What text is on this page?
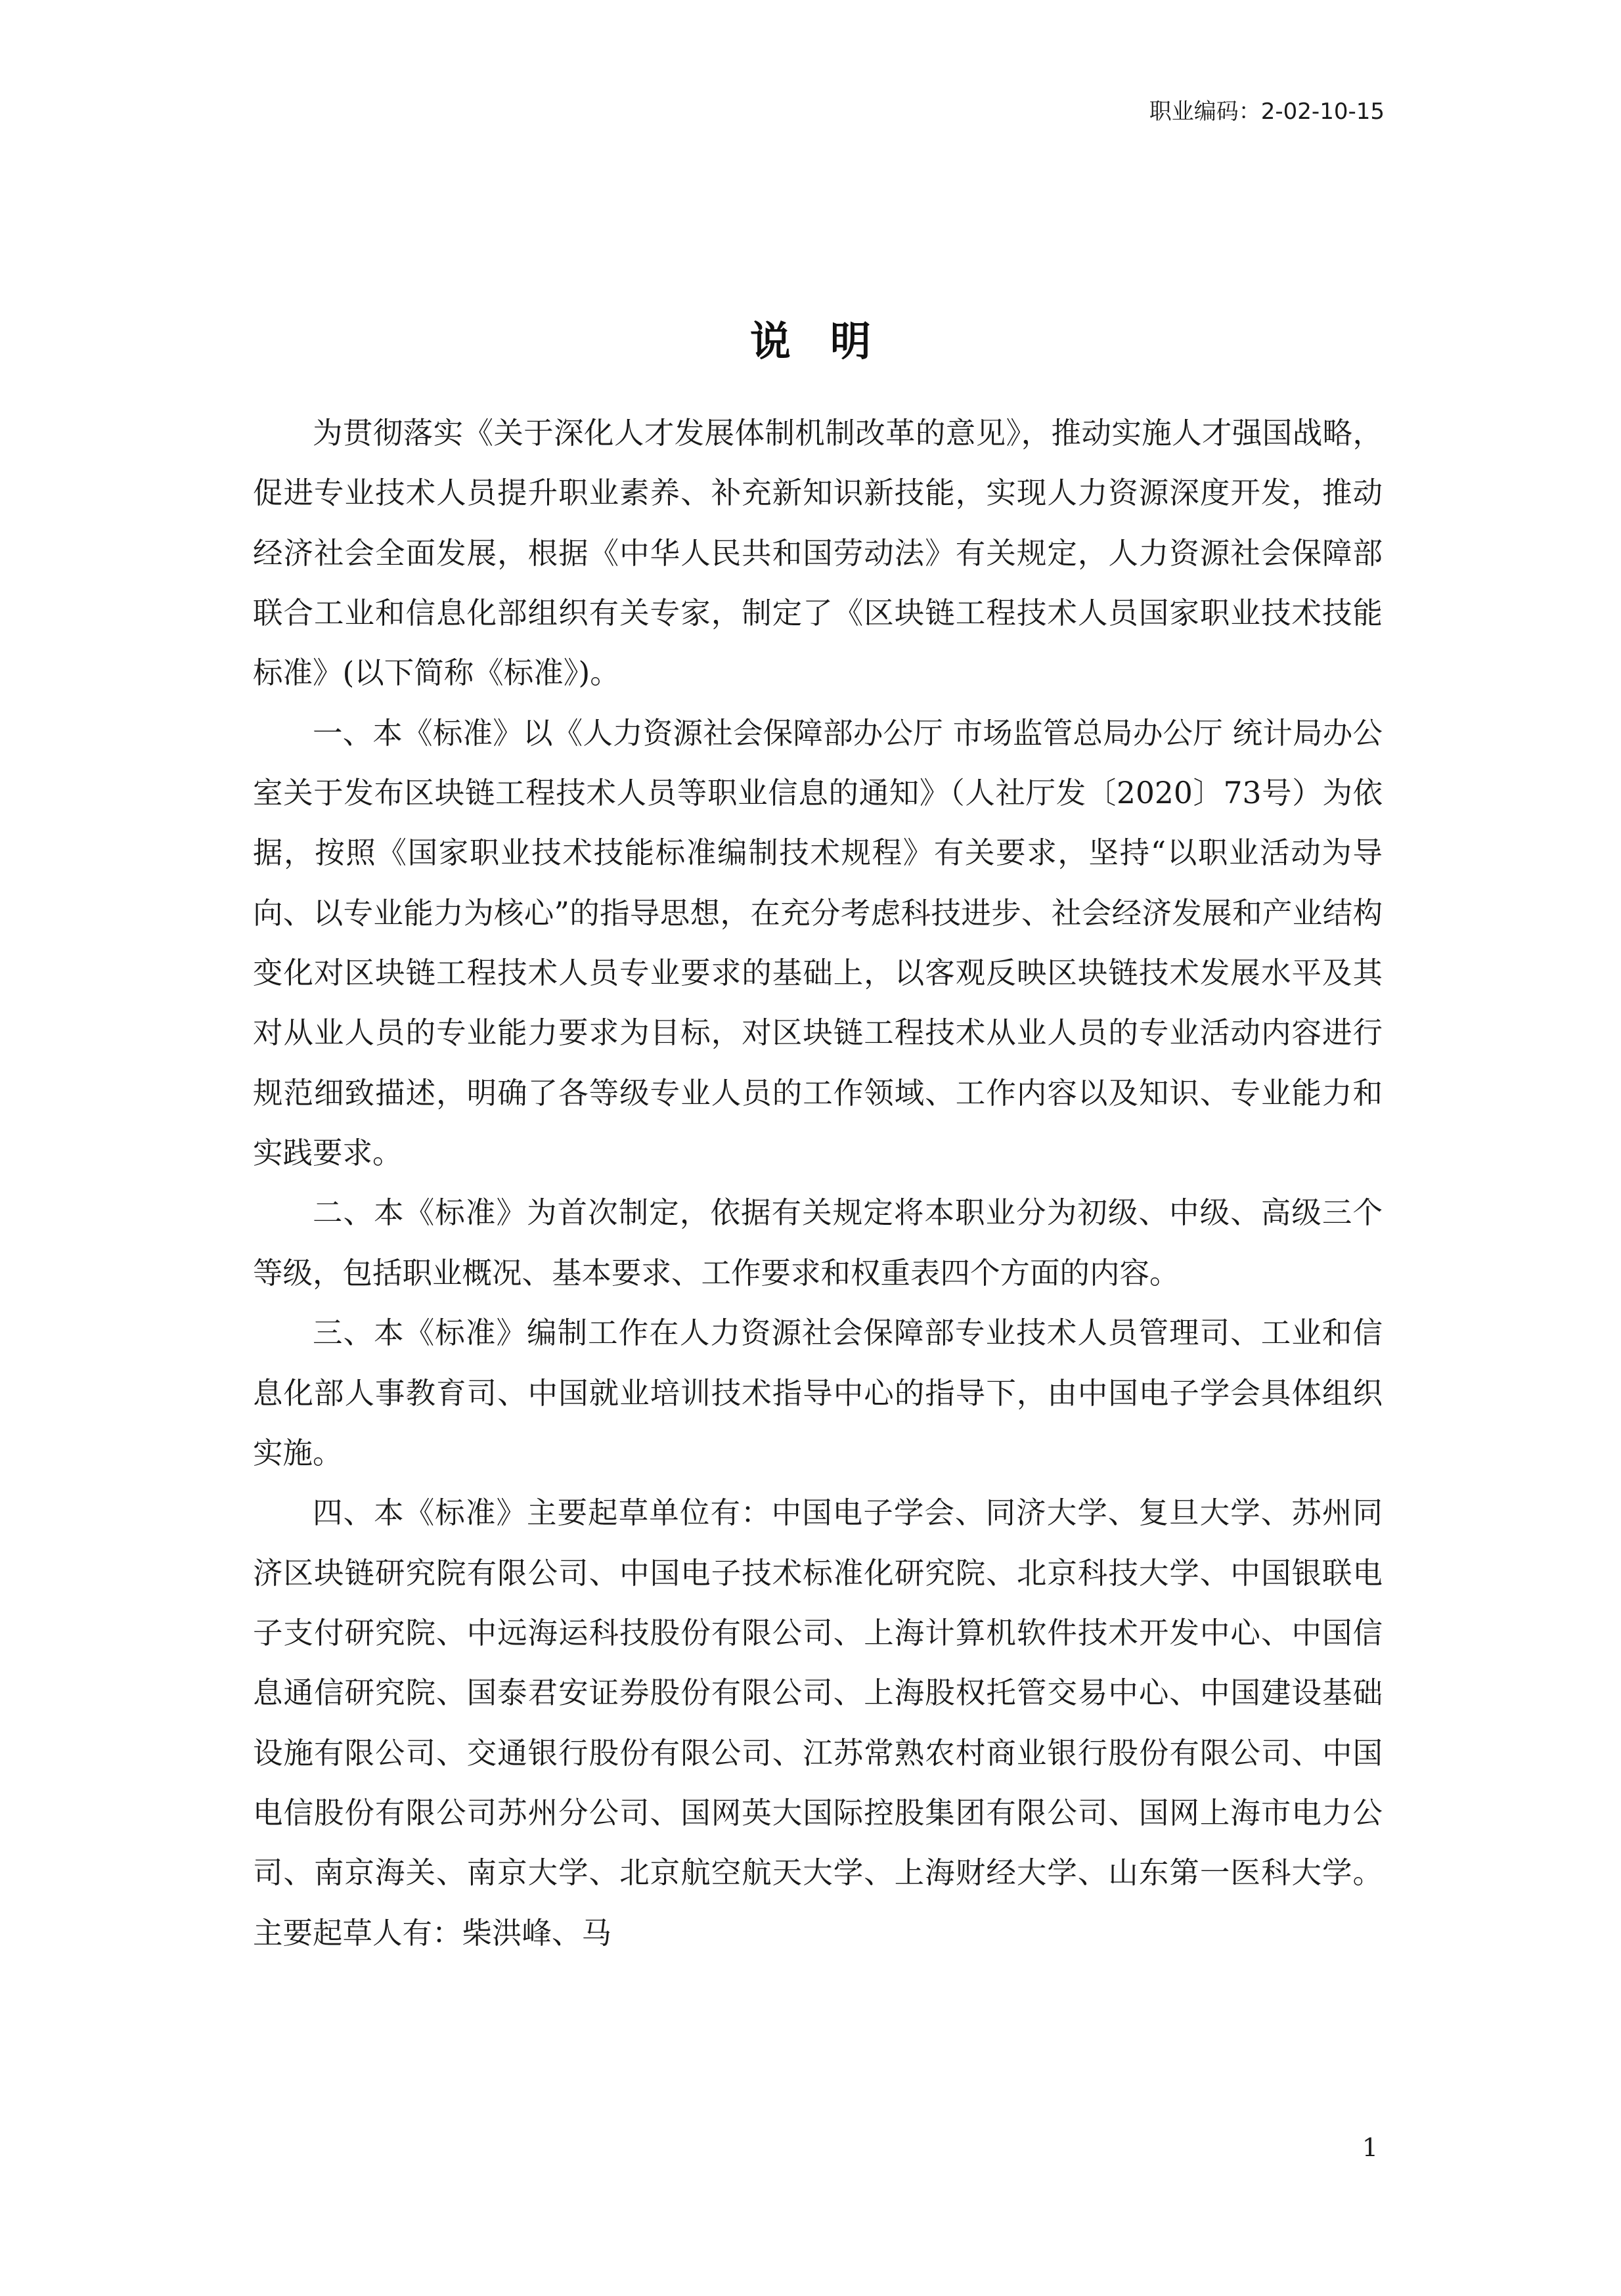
职业编码：2-02-10-15
说明

为贯彻落实《关于深化人才发展体制机制改革的意见》，推动实施人才强国战略，促进专业技术人员提升职业素养、补充新知识新技能，实现人力资源深度开发，推动经济社会全面发展，根据《中华人民共和国劳动法》有关规定，人力资源社会保障部联合工业和信息化部组织有关专家，制定了《区块链工程技术人员国家职业技术技能标准》(以下简称《标准》)。

一、本《标准》以《人力资源社会保障部办公厅 市场监管总局办公厅 统计局办公室关于发布区块链工程技术人员等职业信息的通知》（人社厅发〔2020〕73号）为依据，按照《国家职业技术技能标准编制技术规程》有关要求，坚持“以职业活动为导向、以专业能力为核心”的指导思想，在充分考虑科技进步、社会经济发展和产业结构变化对区块链工程技术人员专业要求的基础上，以客观反映区块链技术发展水平及其对从业人员的专业能力要求为目标，对区块链工程技术从业人员的专业活动内容进行规范细致描述，明确了各等级专业人员的工作领域、工作内容以及知识、专业能力和实践要求。

二、本《标准》为首次制定，依据有关规定将本职业分为初级、中级、高级三个等级，包括职业概况、基本要求、工作要求和权重表四个方面的内容。

三、本《标准》编制工作在人力资源社会保障部专业技术人员管理司、工业和信息化部人事教育司、中国就业培训技术指导中心的指导下，由中国电子学会具体组织实施。

四、本《标准》主要起草单位有：中国电子学会、同济大学、复旦大学、苏州同济区块链研究院有限公司、中国电子技术标准化研究院、北京科技大学、中国银联电子支付研究院、中远海运科技股份有限公司、上海计算机软件技术开发中心、中国信息通信研究院、国泰君安证券股份有限公司、上海股权托管交易中心、中国建设基础设施有限公司、交通银行股份有限公司、江苏常熟农村商业银行股份有限公司、中国电信股份有限公司苏州分公司、国网英大国际控股集团有限公司、国网上海市电力公司、南京海关、南京大学、北京航空航天大学、上海财经大学、山东第一医科大学。主要起草人有：柴洪峰、马

1
